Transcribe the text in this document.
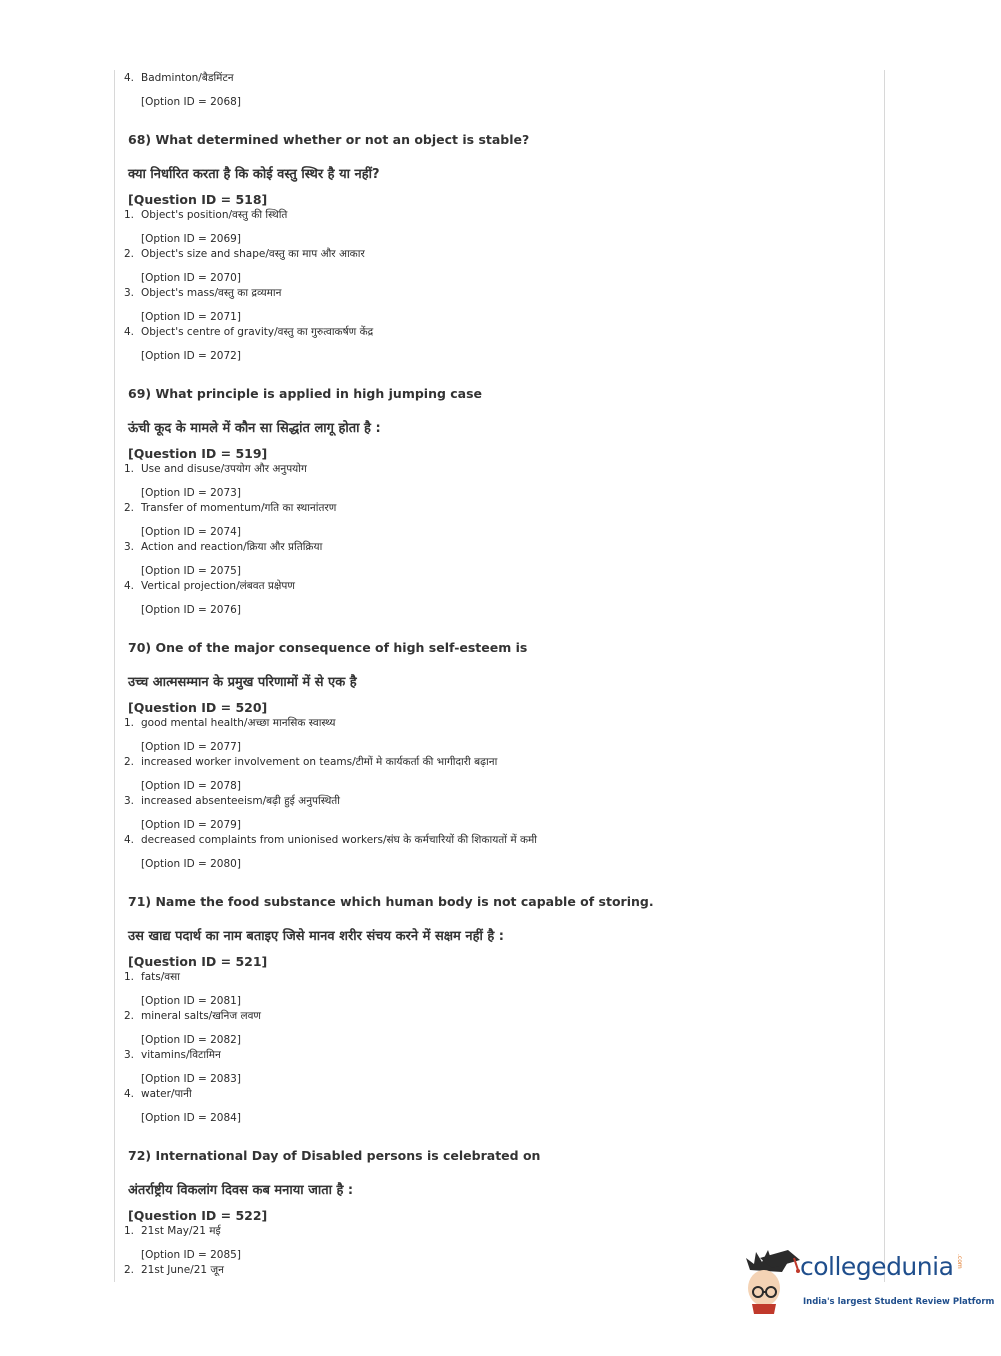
4. Badminton/बैडमिंटन
[Option ID = 2068]
68) What determined whether or not an object is stable?
क्या निर्धारित करता है कि कोई वस्तु स्थिर है या नहीं?
[Question ID = 518]
1. Object's position/वस्तु की स्थिति
[Option ID = 2069]
2. Object's size and shape/वस्तु का माप और आकार
[Option ID = 2070]
3. Object's mass/वस्तु का द्रव्यमान
[Option ID = 2071]
4. Object's centre of gravity/वस्तु का गुरुत्वाकर्षण केंद्र
[Option ID = 2072]
69) What principle is applied in high jumping case
ऊंची कूद के मामले में कौन सा सिद्धांत लागू होता है :
[Question ID = 519]
1. Use and disuse/उपयोग और अनुपयोग
[Option ID = 2073]
2. Transfer of momentum/गति का स्थानांतरण
[Option ID = 2074]
3. Action and reaction/क्रिया और प्रतिक्रिया
[Option ID = 2075]
4. Vertical projection/लंबवत प्रक्षेपण
[Option ID = 2076]
70) One of the major consequence of high self-esteem is
उच्च आत्मसम्मान के प्रमुख परिणामों में से एक है
[Question ID = 520]
1. good mental health/अच्छा मानसिक स्वास्थ्य
[Option ID = 2077]
2. increased worker involvement on teams/टीमों मे कार्यकर्ता की भागीदारी बढ़ाना
[Option ID = 2078]
3. increased absenteeism/बढ़ी हुई अनुपस्थिती
[Option ID = 2079]
4. decreased complaints from unionised workers/संघ के कर्मचारियों की शिकायतों में कमी
[Option ID = 2080]
71) Name the food substance which human body is not capable of storing.
उस खाद्य पदार्थ का नाम बताइए जिसे मानव शरीर संचय करने में सक्षम नहीं है :
[Question ID = 521]
1. fats/वसा
[Option ID = 2081]
2. mineral salts/खनिज लवण
[Option ID = 2082]
3. vitamins/विटामिन
[Option ID = 2083]
4. water/पानी
[Option ID = 2084]
72) International Day of Disabled persons is celebrated on
अंतर्राष्ट्रीय विकलांग दिवस कब मनाया जाता है :
[Question ID = 522]
1. 21st May/21 मई
[Option ID = 2085]
2. 21st June/21 जून	collegedunia .com
India's largest Student Review Platform
